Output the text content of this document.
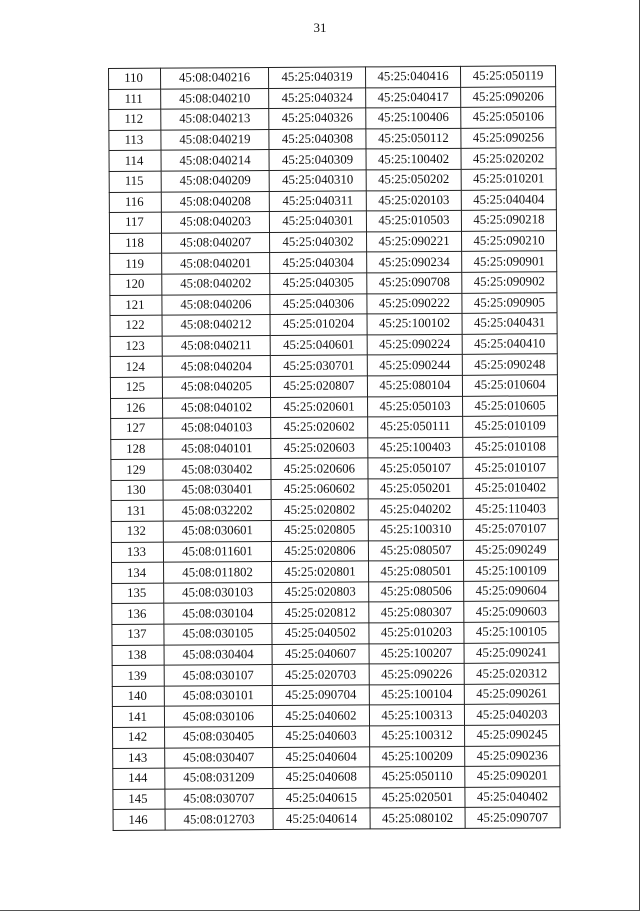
31
110	45:08:040216	45:25:040319	45:25:040416	45:25:050119
111	45:08:040210	45:25:040324	45:25:040417	45:25:090206
112	45:08:040213	45:25:040326	45:25:100406	45:25:050106
113	45:08:040219	45:25:040308	45:25:050112	45:25:090256
114	45:08:040214	45:25:040309	45:25:100402	45:25:020202
115	45:08:040209	45:25:040310	45:25:050202	45:25:010201
116	45:08:040208	45:25:040311	45:25:020103	45:25:040404
117	45:08:040203	45:25:040301	45:25:010503	45:25:090218
118	45:08:040207	45:25:040302	45:25:090221	45:25:090210
119	45:08:040201	45:25:040304	45:25:090234	45:25:090901
120	45:08:040202	45:25:040305	45:25:090708	45:25:090902
121	45:08:040206	45:25:040306	45:25:090222	45:25:090905
122	45:08:040212	45:25:010204	45:25:100102	45:25:040431
123	45:08:040211	45:25:040601	45:25:090224	45:25:040410
124	45:08:040204	45:25:030701	45:25:090244	45:25:090248
125	45:08:040205	45:25:020807	45:25:080104	45:25:010604
126	45:08:040102	45:25:020601	45:25:050103	45:25:010605
127	45:08:040103	45:25:020602	45:25:050111	45:25:010109
128	45:08:040101	45:25:020603	45:25:100403	45:25:010108
129	45:08:030402	45:25:020606	45:25:050107	45:25:010107
130	45:08:030401	45:25:060602	45:25:050201	45:25:010402
131	45:08:032202	45:25:020802	45:25:040202	45:25:110403
132	45:08:030601	45:25:020805	45:25:100310	45:25:070107
133	45:08:011601	45:25:020806	45:25:080507	45:25:090249
134	45:08:011802	45:25:020801	45:25:080501	45:25:100109
135	45:08:030103	45:25:020803	45:25:080506	45:25:090604
136	45:08:030104	45:25:020812	45:25:080307	45:25:090603
137	45:08:030105	45:25:040502	45:25:010203	45:25:100105
138	45:08:030404	45:25:040607	45:25:100207	45:25:090241
139	45:08:030107	45:25:020703	45:25:090226	45:25:020312
140	45:08:030101	45:25:090704	45:25:100104	45:25:090261
141	45:08:030106	45:25:040602	45:25:100313	45:25:040203
142	45:08:030405	45:25:040603	45:25:100312	45:25:090245
143	45:08:030407	45:25:040604	45:25:100209	45:25:090236
144	45:08:031209	45:25:040608	45:25:050110	45:25:090201
145	45:08:030707	45:25:040615	45:25:020501	45:25:040402
146	45:08:012703	45:25:040614	45:25:080102	45:25:090707
